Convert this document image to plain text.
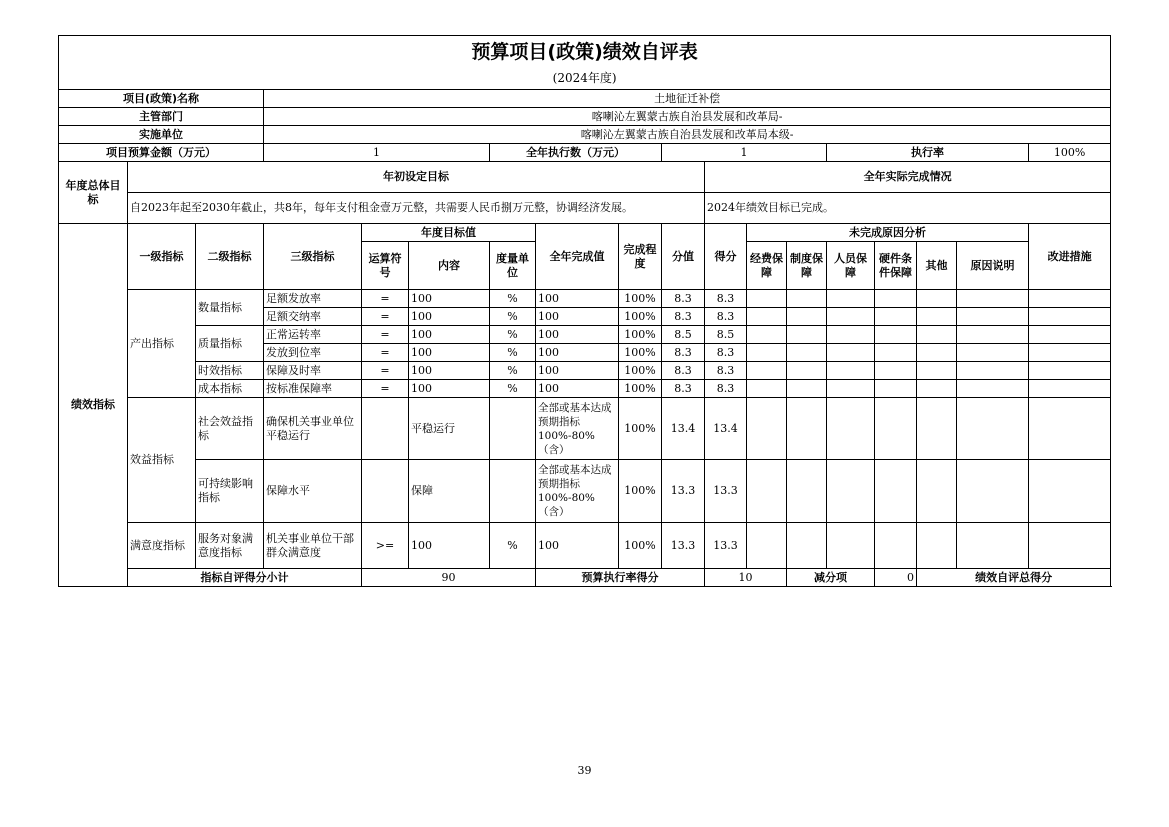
预算项目(政策)绩效自评表																		
(2024年度)																		
项目(政策)名称			土地征迁补偿															
主管部门			喀喇沁左翼蒙古族自治县发展和改革局-															
实施单位			喀喇沁左翼蒙古族自治县发展和改革局本级-															
项目预算金额（万元）			1			全年执行数（万元）			1				执行率				100%	
年度总体目标	年初设定目标									全年实际完成情况								
	自2023年起至2030年截止，共8年，每年支付租金壹万元整，共需要人民币捌万元整，协调经济发展。									2024年绩效目标已完成。								
绩效指标	一级指标	二级指标	三级指标	年度目标值			全年完成值	完成程度	分值	得分	未完成原因分析						改进措施	
				运算符号	内容	度量单位					经费保障	制度保障	人员保障	硬件条件保障	其他	原因说明		
	产出指标	数量指标	足额发放率	=	100	%	100	100%	8.3	8.3								
			足额交纳率	=	100	%	100	100%	8.3	8.3								
		质量指标	正常运转率	=	100	%	100	100%	8.5	8.5								
			发放到位率	=	100	%	100	100%	8.3	8.3								
		时效指标	保障及时率	=	100	%	100	100%	8.3	8.3								
		成本指标	按标准保障率	=	100	%	100	100%	8.3	8.3								
	效益指标	社会效益指标	确保机关事业单位平稳运行		平稳运行		全部或基本达成预期指标100%-80%（含）	100%	13.4	13.4								
		可持续影响指标	保障水平		保障		全部或基本达成预期指标100%-80%（含）	100%	13.3	13.3								
	满意度指标	服务对象满意度指标	机关事业单位干部群众满意度	>=	100	%	100	100%	13.3	13.3								
	指标自评得分小计			90			预算执行率得分			10		减分项		0	绩效自评总得分	
39
